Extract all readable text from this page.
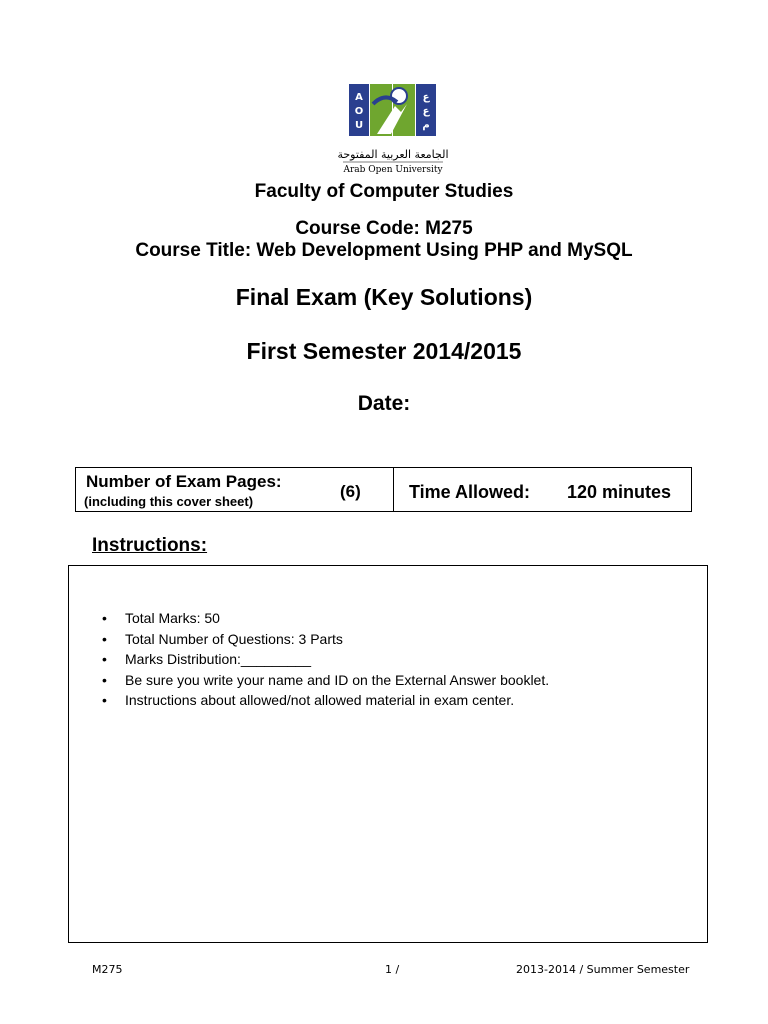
A
O
U
ع
ع
م
الجامعة العربية المفتوحة
Arab Open University
Faculty of Computer Studies
Course Code: M275
Course Title: Web Development Using PHP and MySQL
Final Exam (Key Solutions)
First Semester 2014/2015
Date:
Number of Exam Pages:
(including this cover sheet)
(6)	Time Allowed: 120 minutes
Instructions:
• Total Marks: 50
• Total Number of Questions: 3 Parts
• Marks Distribution:_________
• Be sure you write your name and ID on the External Answer booklet.
• Instructions about allowed/not allowed material in exam center.
M275	1 /	2013-2014 / Summer Semester
